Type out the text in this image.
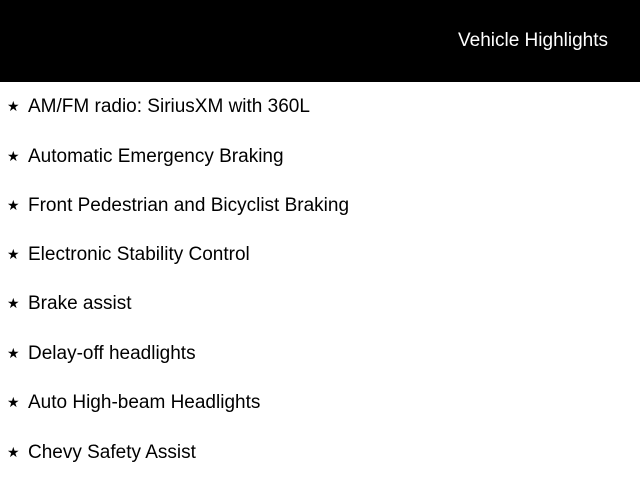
Vehicle Highlights
★ AM/FM radio: SiriusXM with 360L
★ Automatic Emergency Braking
★ Front Pedestrian and Bicyclist Braking
★ Electronic Stability Control
★ Brake assist
★ Delay-off headlights
★ Auto High-beam Headlights
★ Chevy Safety Assist
